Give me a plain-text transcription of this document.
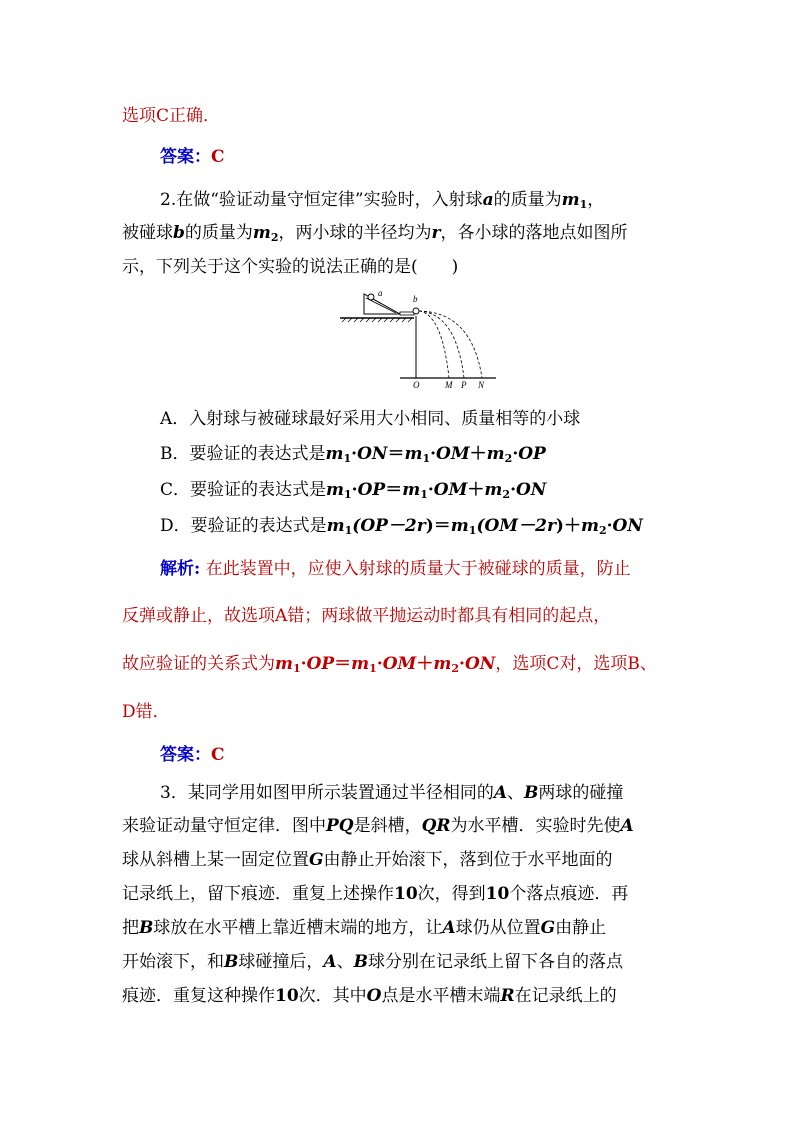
选项C正确．
答案：C
2.在做“验证动量守恒定律”实验时，入射球a的质量为$m_1$，
被碰球b的质量为$m_2$，两小球的半径均为r，各小球的落地点如图所
示，下列关于这个实验的说法正确的是(　　)
a
b
O	M P N
A．入射球与被碰球最好采用大小相同、质量相等的小球
B．要验证的表达式是$m_1\cdot ON=m_1\cdot OM+m_2\cdot OP$
C．要验证的表达式是$m_1\cdot OP=m_1\cdot OM+m_2\cdot ON$
D．要验证的表达式是$m_1(OP-2r)=m_1(OM-2r)+m_2\cdot ON$
解析: 在此装置中，应使入射球的质量大于被碰球的质量，防止
反弹或静止，故选项A错；两球做平抛运动时都具有相同的起点，
故应验证的关系式为$m_1\cdot OP=m_1\cdot OM+m_2\cdot ON$，选项C对，选项B、
D错．
答案：C
3．某同学用如图甲所示装置通过半径相同的A、B两球的碰撞
来验证动量守恒定律．图中PQ是斜槽，QR为水平槽．实验时先使A
球从斜槽上某一固定位置G由静止开始滚下，落到位于水平地面的
记录纸上，留下痕迹．重复上述操作10次，得到10个落点痕迹．再
把B球放在水平槽上靠近槽末端的地方，让A球仍从位置G由静止
开始滚下，和B球碰撞后，A、B球分别在记录纸上留下各自的落点
痕迹．重复这种操作10次．其中O点是水平槽末端R在记录纸上的
